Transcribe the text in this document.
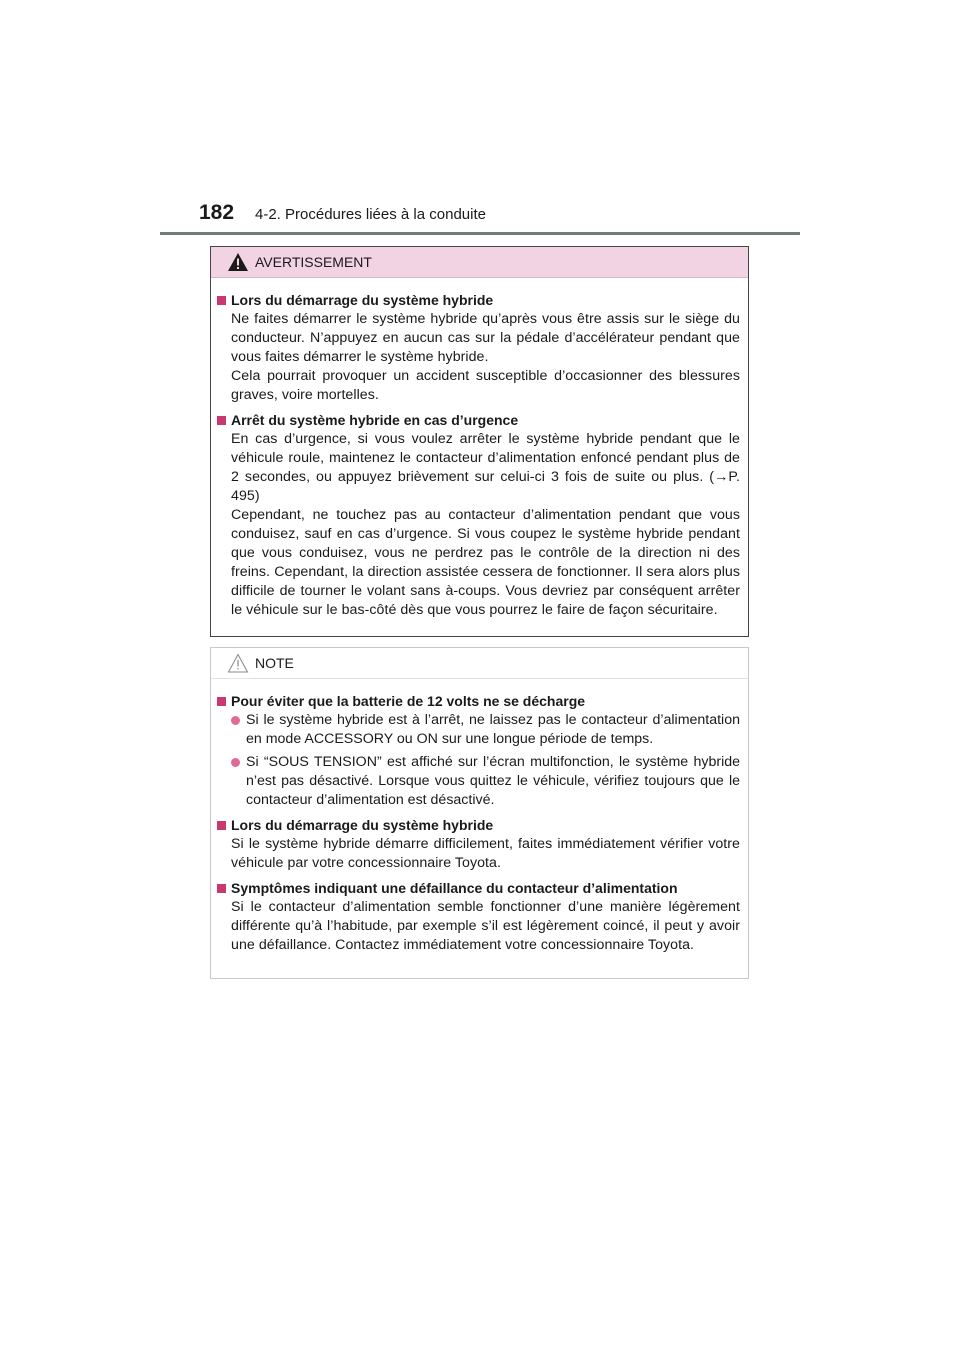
182 4-2. Procédures liées à la conduite
AVERTISSEMENT
Lors du démarrage du système hybride
Ne faites démarrer le système hybride qu’après vous être assis sur le siège du conducteur. N’appuyez en aucun cas sur la pédale d’accélérateur pendant que vous faites démarrer le système hybride.
Cela pourrait provoquer un accident susceptible d’occasionner des blessures graves, voire mortelles.
Arrêt du système hybride en cas d’urgence
En cas d’urgence, si vous voulez arrêter le système hybride pendant que le véhicule roule, maintenez le contacteur d’alimentation enfoncé pendant plus de 2 secondes, ou appuyez brièvement sur celui-ci 3 fois de suite ou plus. (→P. 495)
Cependant, ne touchez pas au contacteur d’alimentation pendant que vous conduisez, sauf en cas d’urgence. Si vous coupez le système hybride pendant que vous conduisez, vous ne perdrez pas le contrôle de la direction ni des freins. Cependant, la direction assistée cessera de fonctionner. Il sera alors plus difficile de tourner le volant sans à-coups. Vous devriez par conséquent arrêter le véhicule sur le bas-côté dès que vous pourrez le faire de façon sécuritaire.
NOTE
Pour éviter que la batterie de 12 volts ne se décharge
Si le système hybride est à l’arrêt, ne laissez pas le contacteur d’alimentation en mode ACCESSORY ou ON sur une longue période de temps.
Si “SOUS TENSION” est affiché sur l’écran multifonction, le système hybride n’est pas désactivé. Lorsque vous quittez le véhicule, vérifiez toujours que le contacteur d’alimentation est désactivé.
Lors du démarrage du système hybride
Si le système hybride démarre difficilement, faites immédiatement vérifier votre véhicule par votre concessionnaire Toyota.
Symptômes indiquant une défaillance du contacteur d’alimentation
Si le contacteur d’alimentation semble fonctionner d’une manière légèrement différente qu’à l’habitude, par exemple s’il est légèrement coincé, il peut y avoir une défaillance. Contactez immédiatement votre concessionnaire Toyota.
